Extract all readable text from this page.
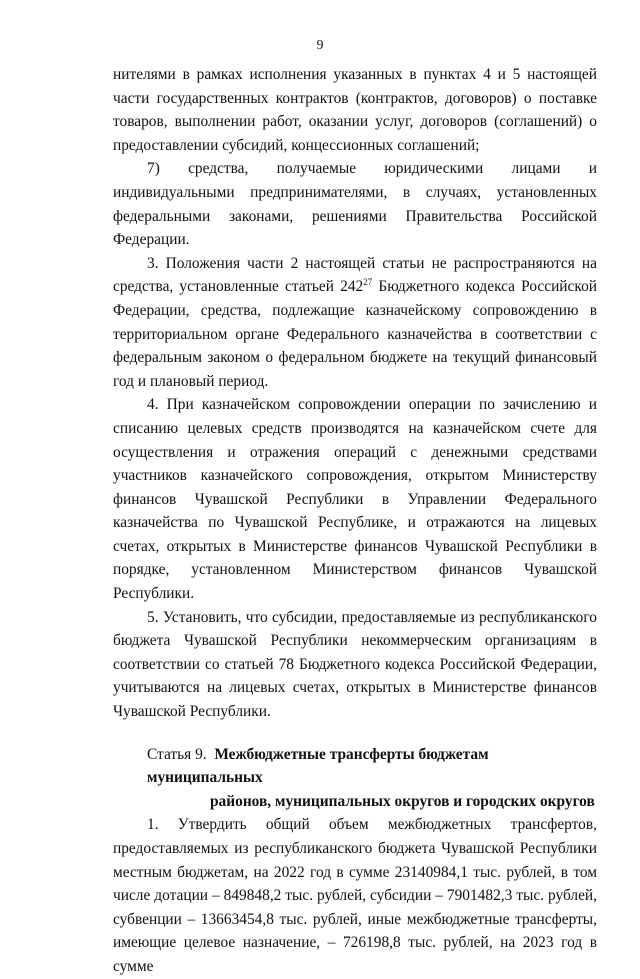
9

нителями в рамках исполнения указанных в пунктах 4 и 5 настоящей части государственных контрактов (контрактов, договоров) о поставке товаров, выполнении работ, оказании услуг, договоров (соглашений) о предоставлении субсидий, концессионных соглашений;

7) средства, получаемые юридическими лицами и индивидуальными предпринимателями, в случаях, установленных федеральными законами, решениями Правительства Российской Федерации.

3. Положения части 2 настоящей статьи не распространяются на средства, установленные статьей $242^{27}$ Бюджетного кодекса Российской Федерации, средства, подлежащие казначейскому сопровождению в территориальном органе Федерального казначейства в соответствии с федеральным законом о федеральном бюджете на текущий финансовый год и плановый период.

4. При казначейском сопровождении операции по зачислению и списанию целевых средств производятся на казначейском счете для осуществления и отражения операций с денежными средствами участников казначейского сопровождения, открытом Министерству финансов Чувашской Республики в Управлении Федерального казначейства по Чувашской Республике, и отражаются на лицевых счетах, открытых в Министерстве финансов Чувашской Республики в порядке, установленном Министерством финансов Чувашской Республики.

5. Установить, что субсидии, предоставляемые из республиканского бюджета Чувашской Республики некоммерческим организациям в соответствии со статьей 78 Бюджетного кодекса Российской Федерации, учитываются на лицевых счетах, открытых в Министерстве финансов Чувашской Республики.

Статья 9. Межбюджетные трансферты бюджетам муниципальных
районов, муниципальных округов и городских округов

1. Утвердить общий объем межбюджетных трансфертов, предоставляемых из республиканского бюджета Чувашской Республики местным бюджетам, на 2022 год в сумме 23140984,1 тыс. рублей, в том числе дотации – 849848,2 тыс. рублей, субсидии – 7901482,3 тыс. рублей, субвенции – 13663454,8 тыс. рублей, иные межбюджетные трансферты, имеющие целевое назначение, – 726198,8 тыс. рублей, на 2023 год в сумме
